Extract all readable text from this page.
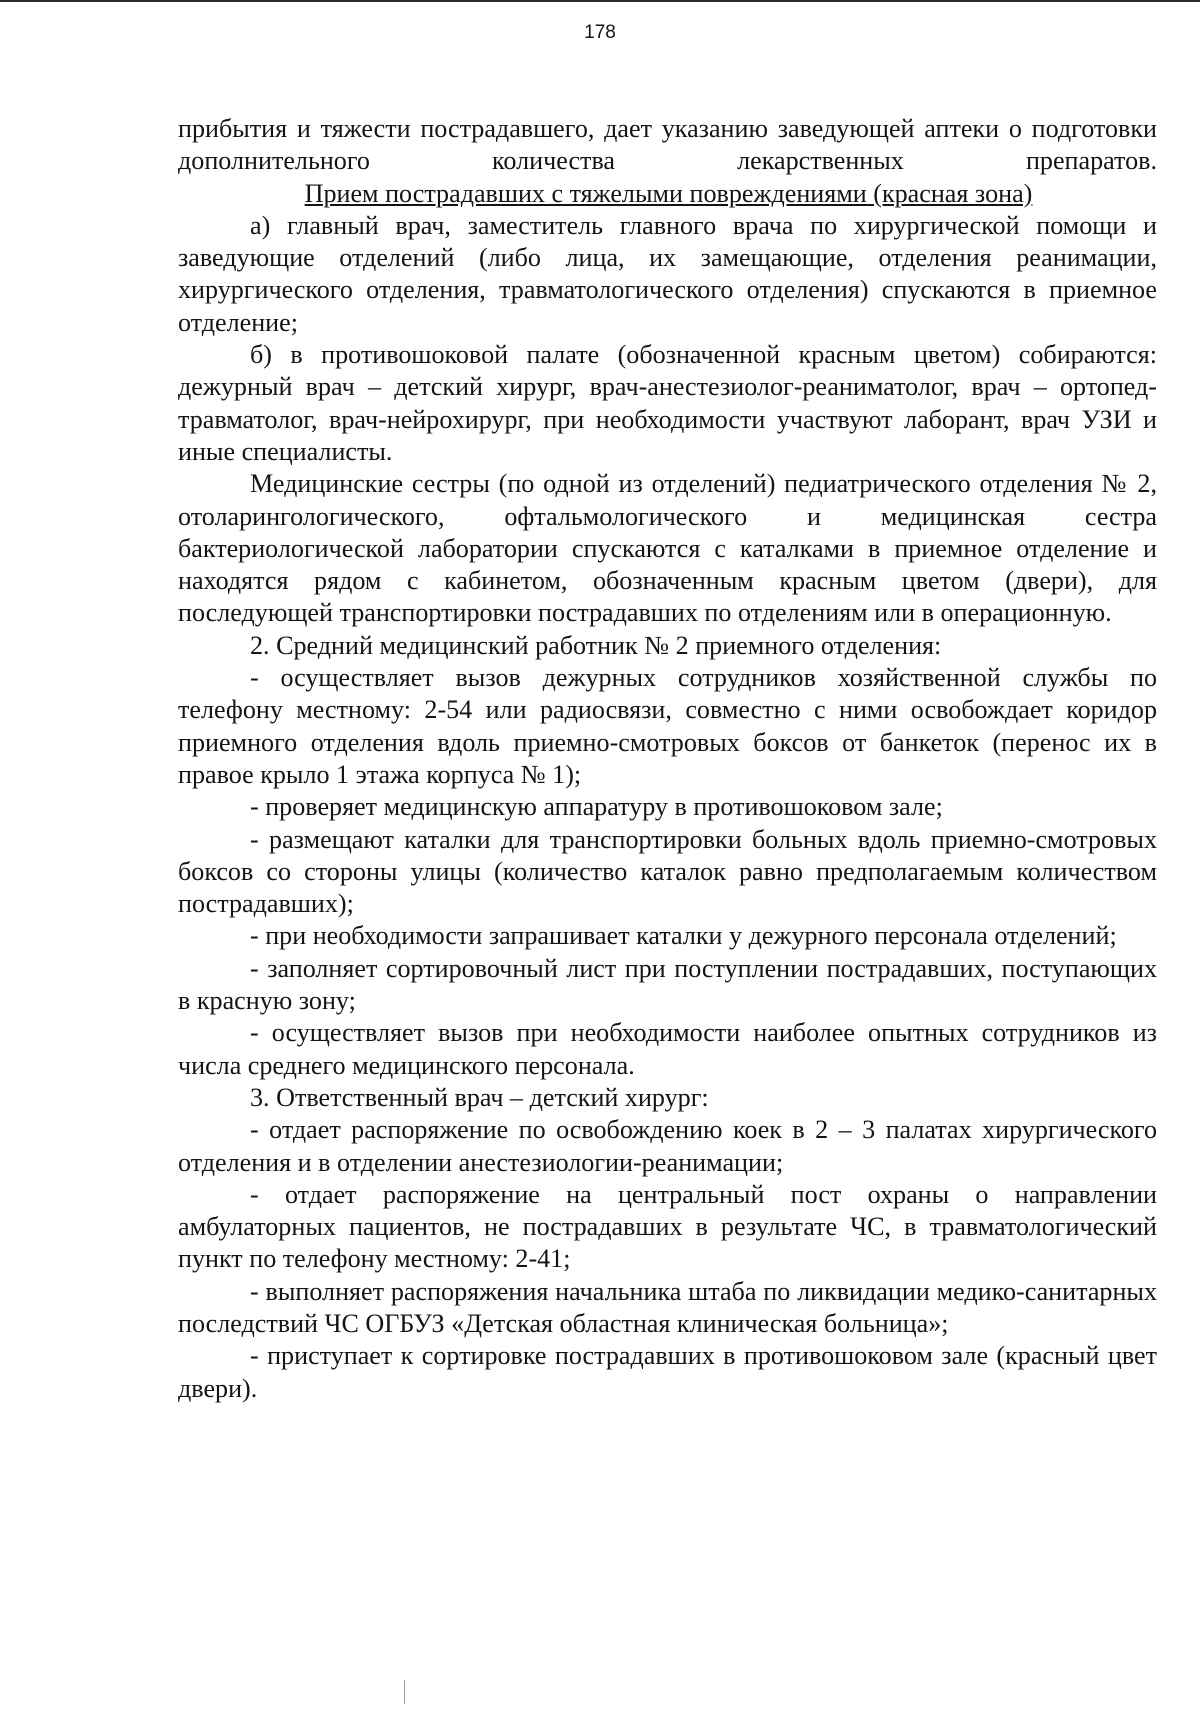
178

прибытия и тяжести пострадавшего, дает указанию заведующей аптеки о подготовки дополнительного количества лекарственных препаратов.

Прием пострадавших с тяжелыми повреждениями (красная зона)

а) главный врач, заместитель главного врача по хирургической помощи и заведующие отделений (либо лица, их замещающие, отделения реанимации, хирургического отделения, травматологического отделения) спускаются в приемное отделение;

б) в противошоковой палате (обозначенной красным цветом) собираются: дежурный врач – детский хирург, врач-анестезиолог-реаниматолог, врач – ортопед-травматолог, врач-нейрохирург, при необходимости участвуют лаборант, врач УЗИ и иные специалисты.

Медицинские сестры (по одной из отделений) педиатрического отделения № 2, отоларингологического, офтальмологического и медицинская сестра бактериологической лаборатории спускаются с каталками в приемное отделение и находятся рядом с кабинетом, обозначенным красным цветом (двери), для последующей транспортировки пострадавших по отделениям или в операционную.

2. Средний медицинский работник № 2 приемного отделения:

- осуществляет вызов дежурных сотрудников хозяйственной службы по телефону местному: 2-54 или радиосвязи, совместно с ними освобождает коридор приемного отделения вдоль приемно-смотровых боксов от банкеток (перенос их в правое крыло 1 этажа корпуса № 1);

- проверяет медицинскую аппаратуру в противошоковом зале;

- размещают каталки для транспортировки больных вдоль приемно-смотровых боксов со стороны улицы (количество каталок равно предполагаемым количеством пострадавших);

- при необходимости запрашивает каталки у дежурного персонала отделений;

- заполняет сортировочный лист при поступлении пострадавших, поступающих в красную зону;

- осуществляет вызов при необходимости наиболее опытных сотрудников из числа среднего медицинского персонала.

3. Ответственный врач – детский хирург:

- отдает распоряжение по освобождению коек в 2 – 3 палатах хирургического отделения и в отделении анестезиологии-реанимации;

- отдает распоряжение на центральный пост охраны о направлении амбулаторных пациентов, не пострадавших в результате ЧС, в травматологический пункт по телефону местному: 2-41;

- выполняет распоряжения начальника штаба по ликвидации медико-санитарных последствий ЧС ОГБУЗ «Детская областная клиническая больница»;

- приступает к сортировке пострадавших в противошоковом зале (красный цвет двери).
